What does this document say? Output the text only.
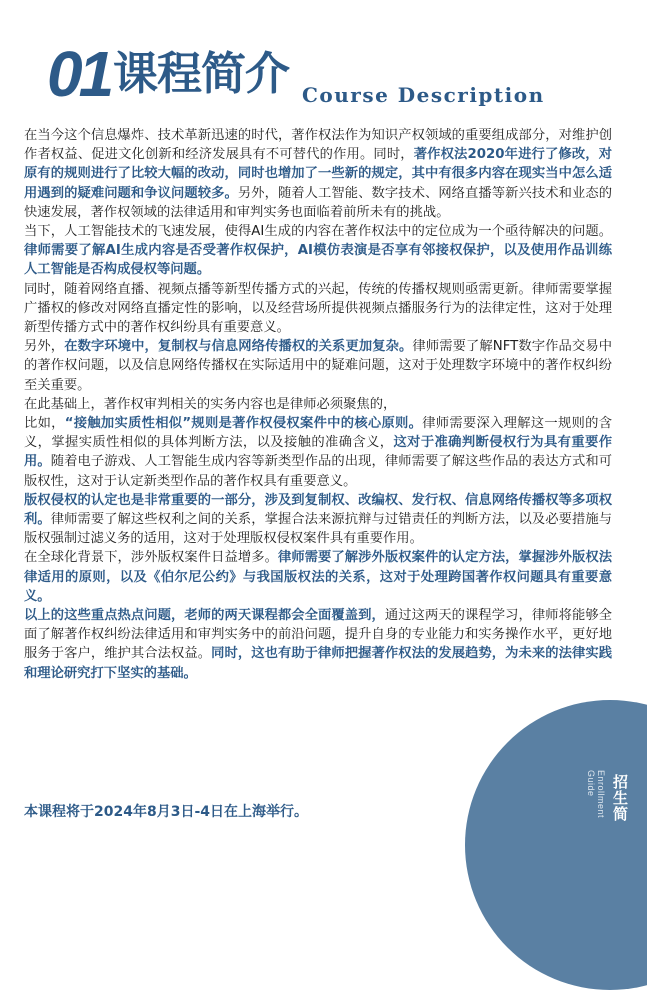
Enrollment Guide	招生简
01 课程简介 Course Description

在当今这个信息爆炸、技术革新迅速的时代，著作权法作为知识产权领域的重要组成部分，对维护创作者权益、促进文化创新和经济发展具有不可替代的作用。同时，著作权法2020年进行了修改，对原有的规则进行了比较大幅的改动，同时也增加了一些新的规定，其中有很多内容在现实当中怎么适用遇到的疑难问题和争议问题较多。另外，随着人工智能、数字技术、网络直播等新兴技术和业态的快速发展，著作权领域的法律适用和审判实务也面临着前所未有的挑战。

当下，人工智能技术的飞速发展，使得AI生成的内容在著作权法中的定位成为一个亟待解决的问题。律师需要了解AI生成内容是否受著作权保护，AI模仿表演是否享有邻接权保护，以及使用作品训练人工智能是否构成侵权等问题。

同时，随着网络直播、视频点播等新型传播方式的兴起，传统的传播权规则亟需更新。律师需要掌握广播权的修改对网络直播定性的影响，以及经营场所提供视频点播服务行为的法律定性，这对于处理新型传播方式中的著作权纠纷具有重要意义。

另外，在数字环境中，复制权与信息网络传播权的关系更加复杂。律师需要了解NFT数字作品交易中的著作权问题，以及信息网络传播权在实际适用中的疑难问题，这对于处理数字环境中的著作权纠纷至关重要。

在此基础上，著作权审判相关的实务内容也是律师必须聚焦的，

比如，“接触加实质性相似”规则是著作权侵权案件中的核心原则。律师需要深入理解这一规则的含义，掌握实质性相似的具体判断方法，以及接触的准确含义，这对于准确判断侵权行为具有重要作用。随着电子游戏、人工智能生成内容等新类型作品的出现，律师需要了解这些作品的表达方式和可版权性，这对于认定新类型作品的著作权具有重要意义。

版权侵权的认定也是非常重要的一部分，涉及到复制权、改编权、发行权、信息网络传播权等多项权利。律师需要了解这些权利之间的关系，掌握合法来源抗辩与过错责任的判断方法，以及必要措施与版权强制过滤义务的适用，这对于处理版权侵权案件具有重要作用。

在全球化背景下，涉外版权案件日益增多。律师需要了解涉外版权案件的认定方法，掌握涉外版权法律适用的原则，以及《伯尔尼公约》与我国版权法的关系，这对于处理跨国著作权问题具有重要意义。

以上的这些重点热点问题，老师的两天课程都会全面覆盖到，通过这两天的课程学习，律师将能够全面了解著作权纠纷法律适用和审判实务中的前沿问题，提升自身的专业能力和实务操作水平，更好地服务于客户，维护其合法权益。同时，这也有助于律师把握著作权法的发展趋势，为未来的法律实践和理论研究打下坚实的基础。

本课程将于2024年8月3日-4日在上海举行。
